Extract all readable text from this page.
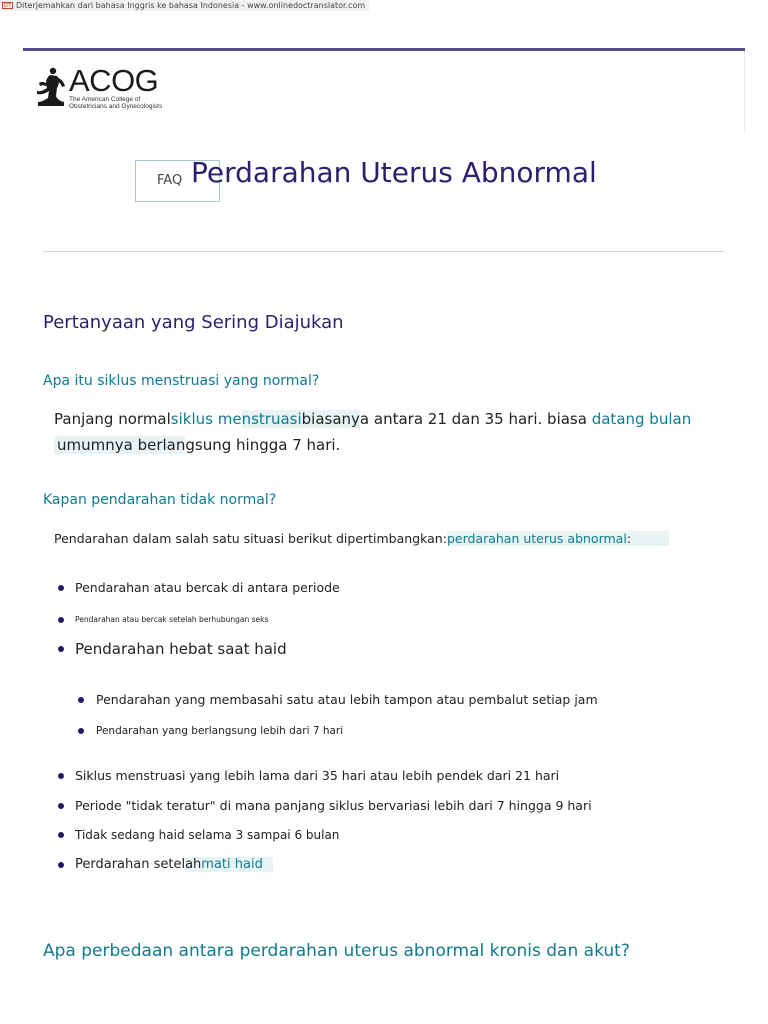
DT Diterjemahkan dari bahasa Inggris ke bahasa Indonesia - www.onlinedoctranslator.com
ACOG
The American College of
Obstetricians and Gynecologists
FAQ Perdarahan Uterus Abnormal
Pertanyaan yang Sering Diajukan
Apa itu siklus menstruasi yang normal?

Panjang normalsiklus menstruasibiasanya antara 21 dan 35 hari. biasa datang bulan
umumnya berlangsung hingga 7 hari.

Kapan pendarahan tidak normal?

Pendarahan dalam salah satu situasi berikut dipertimbangkan:perdarahan uterus abnormal:

Pendarahan atau bercak di antara periode
Pendarahan atau bercak setelah berhubungan seks
Pendarahan hebat saat haid
Pendarahan yang membasahi satu atau lebih tampon atau pembalut setiap jam
Pendarahan yang berlangsung lebih dari 7 hari
Siklus menstruasi yang lebih lama dari 35 hari atau lebih pendek dari 21 hari
Periode "tidak teratur" di mana panjang siklus bervariasi lebih dari 7 hingga 9 hari
Tidak sedang haid selama 3 sampai 6 bulan
Perdarahan setelahmati haid
Apa perbedaan antara perdarahan uterus abnormal kronis dan akut?
